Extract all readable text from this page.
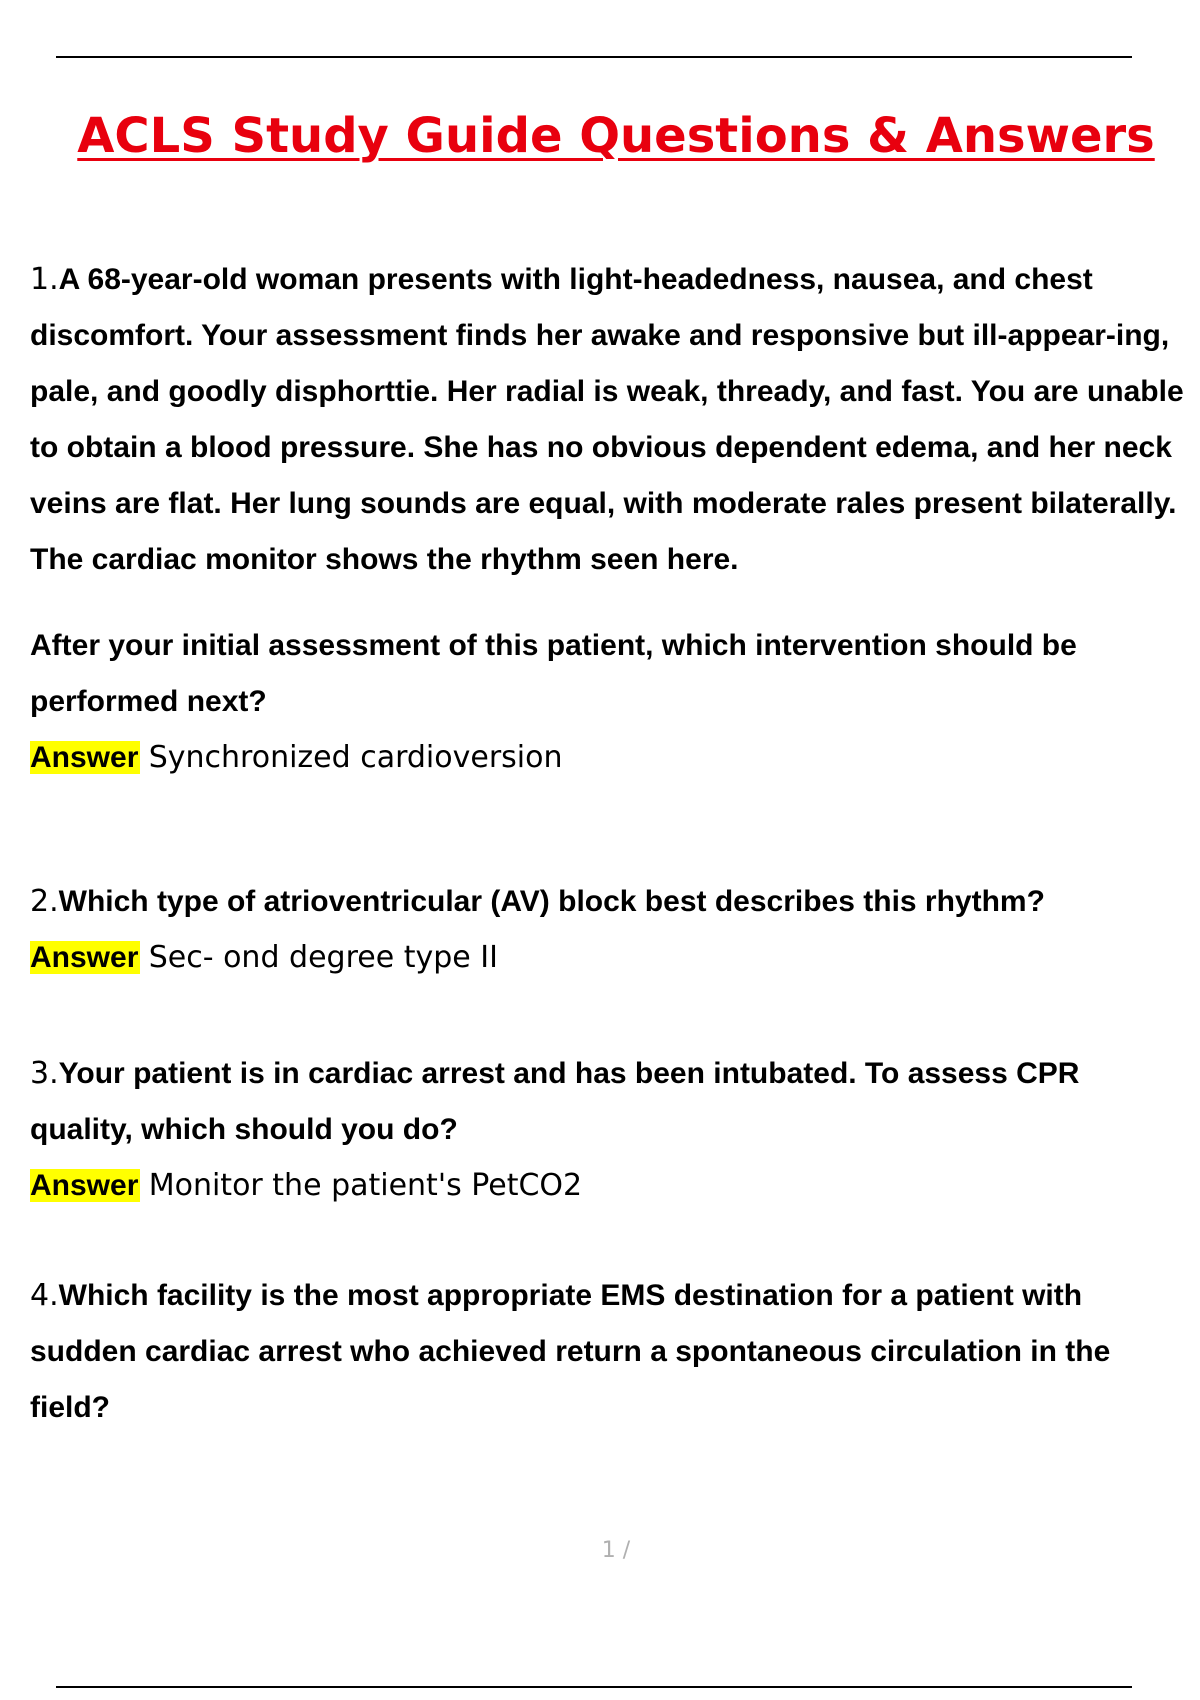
ACLS Study Guide Questions & Answers

1.A 68-year-old woman presents with light-headedness, nausea, and chest discomfort. Your assessment finds her awake and responsive but ill-appear-ing, pale, and goodly disphorttie. Her radial is weak, thready, and fast. You are unable to obtain a blood pressure. She has no obvious dependent edema, and her neck veins are flat. Her lung sounds are equal, with moderate rales present bilaterally. The cardiac monitor shows the rhythm seen here.

After your initial assessment of this patient, which intervention should be performed next?

Answer Synchronized cardioversion

2.Which type of atrioventricular (AV) block best describes this rhythm?

Answer Sec- ond degree type II

3.Your patient is in cardiac arrest and has been intubated. To assess CPR quality, which should you do?

Answer Monitor the patient's PetCO2

4.Which facility is the most appropriate EMS destination for a patient with sudden cardiac arrest who achieved return a spontaneous circulation in the field?

1 /
